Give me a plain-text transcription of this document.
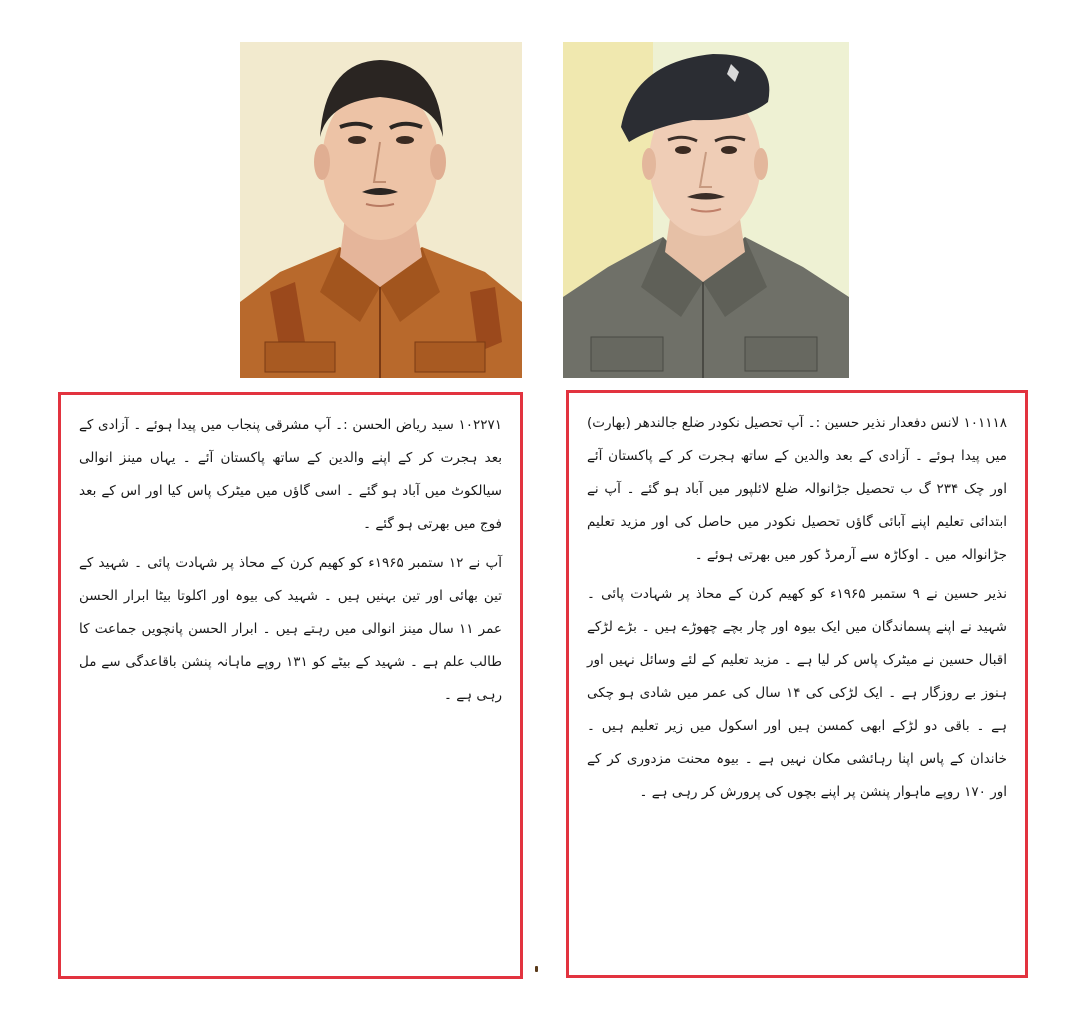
۱۰۲۲۷۱ سید ریاض الحسن :۔ آپ مشرقی پنجاب میں پیدا ہوئے ۔ آزادی کے بعد ہجرت کر کے اپنے والدین کے ساتھ پاکستان آئے ۔ یہاں مینز انوالی سیالکوٹ میں آباد ہو گئے ۔ اسی گاؤں میں میٹرک پاس کیا اور اس کے بعد فوج میں بھرتی ہو گئے ۔

آپ نے ۱۲ ستمبر ۱۹۶۵ء کو کھیم کرن کے محاذ پر شہادت پائی ۔ شہید کے تین بھائی اور تین بہنیں ہیں ۔ شہید کی بیوہ اور اکلوتا بیٹا ابرار الحسن عمر ۱۱ سال مینز انوالی میں رہتے ہیں ۔ ابرار الحسن پانچویں جماعت کا طالب علم ہے ۔ شہید کے بیٹے کو ۱۳۱ روپے ماہانہ پنشن باقاعدگی سے مل رہی ہے ۔

۱۰۱۱۱۸ لانس دفعدار نذیر حسین :۔ آپ تحصیل نکودر ضلع جالندھر (بھارت) میں پیدا ہوئے ۔ آزادی کے بعد والدین کے ساتھ ہجرت کر کے پاکستان آئے اور چک ۲۳۴ گ ب تحصیل جڑانوالہ ضلع لائلپور میں آباد ہو گئے ۔ آپ نے ابتدائی تعلیم اپنے آبائی گاؤں تحصیل نکودر میں حاصل کی اور مزید تعلیم جڑانوالہ میں ۔ اوکاڑہ سے آرمرڈ کور میں بھرتی ہوئے ۔

نذیر حسین نے ۹ ستمبر ۱۹۶۵ء کو کھیم کرن کے محاذ پر شہادت پائی ۔ شہید نے اپنے پسماندگان میں ایک بیوہ اور چار بچے چھوڑے ہیں ۔ بڑے لڑکے اقبال حسین نے میٹرک پاس کر لیا ہے ۔ مزید تعلیم کے لئے وسائل نہیں اور ہنوز بے روزگار ہے ۔ ایک لڑکی کی ۱۴ سال کی عمر میں شادی ہو چکی ہے ۔ باقی دو لڑکے ابھی کمسن ہیں اور اسکول میں زیر تعلیم ہیں ۔ خاندان کے پاس اپنا رہائشی مکان نہیں ہے ۔ بیوہ محنت مزدوری کر کے اور ۱۷۰ روپے ماہوار پنشن پر اپنے بچوں کی پرورش کر رہی ہے ۔
